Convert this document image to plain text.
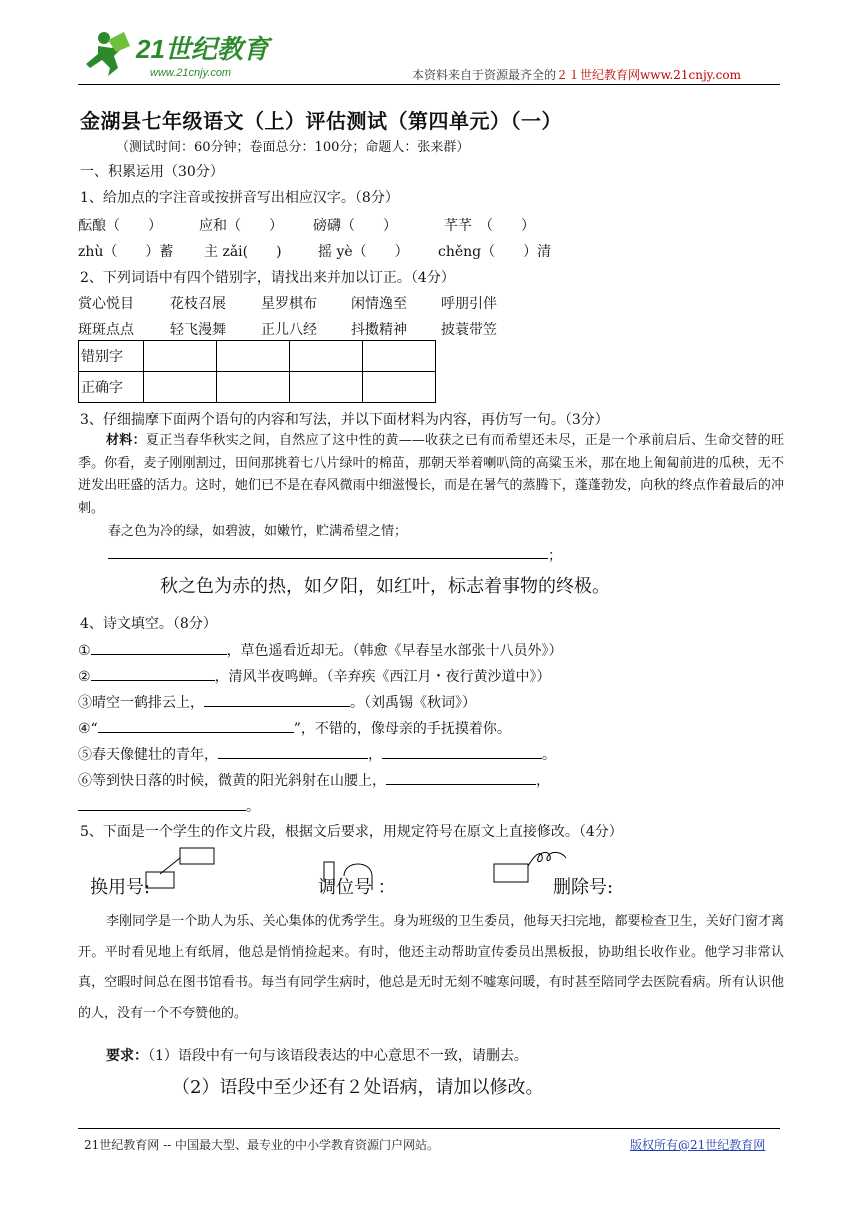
21世纪教育
www.21cnjy.com	本资料来自于资源最齐全的２１世纪教育网www.21cnjy.com
金湖县七年级语文（上）评估测试（第四单元）（一）
（测试时间：60分钟；卷面总分：100分；命题人：张来群）
一、积累运用（30分）
1、给加点的字注音或按拼音写出相应汉字。（8分）
酝酿（　　）	应和（　　） 磅礴（　　）	芊芊　（　　）
zhù（　　）蓄 主 zǎi(　　)	摇 yè（　　） chěng（　　）清
2、下列词语中有四个错别字，请找出来并加以订正。（4分）
赏心悦目	花枝召展	星罗棋布 闲情逸至 呼朋引伴
斑斑点点	轻飞漫舞	正儿八经 抖擞精神 披蓑带笠
错别字				
正确字				
3、仔细揣摩下面两个语句的内容和写法，并以下面材料为内容，再仿写一句。（3分）
材料：夏正当春华秋实之间，自然应了这中性的黄——收获之已有而希望还未尽，正是一个承前启后、生命交替的旺季。你看，麦子刚刚割过，田间那挑着七八片绿叶的棉苗，那朝天举着喇叭筒的高粱玉米，那在地上匍匐前进的瓜秧，无不迸发出旺盛的活力。这时，她们已不是在春风微雨中细滋慢长，而是在暑气的蒸腾下，蓬蓬勃发，向秋的终点作着最后的冲刺。
春之色为冷的绿，如碧波，如嫩竹，贮满希望之情；
；
秋之色为赤的热，如夕阳，如红叶，标志着事物的终极。
4、诗文填空。（8分）
①	，草色遥看近却无。（韩愈《早春呈水部张十八员外》）
②	，清风半夜鸣蝉。（辛弃疾《西江月・夜行黄沙道中》）
③晴空一鹤排云上，	。（刘禹锡《秋词》）
④“	”，不错的，像母亲的手抚摸着你。
⑤春天像健壮的青年，	，	。
⑥等到快日落的时候，微黄的阳光斜射在山腰上，	，
。
5、下面是一个学生的作文片段，根据文后要求，用规定符号在原文上直接修改。（4分）
换用号:	调位号 ：	删除号:
李刚同学是一个助人为乐、关心集体的优秀学生。身为班级的卫生委员，他每天扫完地，都要检查卫生，关好门窗才离开。平时看见地上有纸屑，他总是悄悄捡起来。有时，他还主动帮助宣传委员出黑板报，协助组长收作业。他学习非常认真，空暇时间总在图书馆看书。每当有同学生病时，他总是无时无刻不嘘寒问暖，有时甚至陪同学去医院看病。所有认识他的人，没有一个不夸赞他的。
要求：（1）语段中有一句与该语段表达的中心意思不一致，请删去。
（2）语段中至少还有２处语病，请加以修改。
21世纪教育网 -- 中国最大型、最专业的中小学教育资源门户网站。	版权所有@21世纪教育网
